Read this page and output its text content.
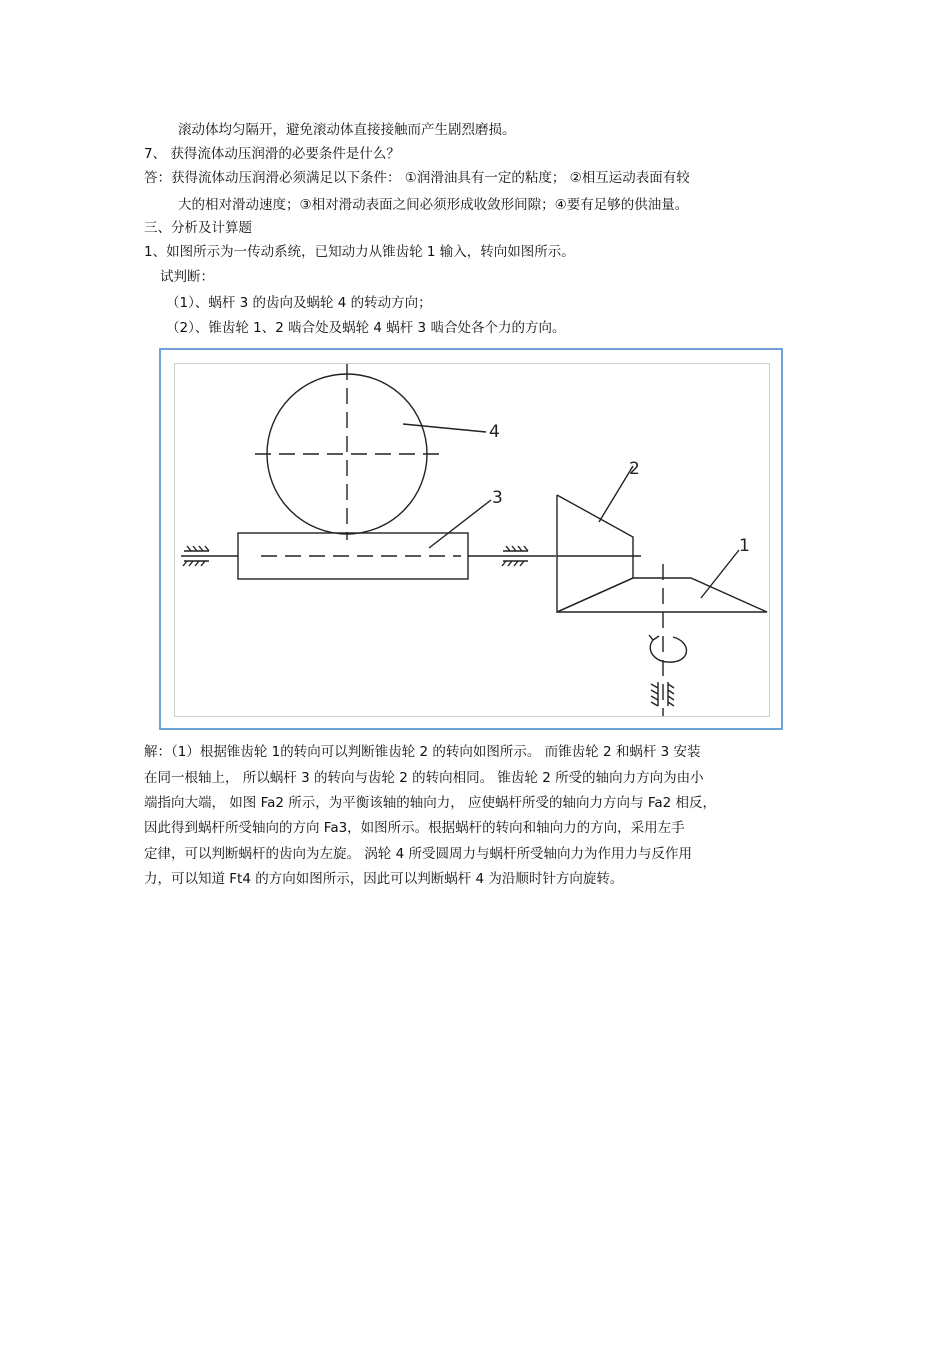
滚动体均匀隔开，避免滚动体直接接触而产生剧烈磨损。
7、 获得流体动压润滑的必要条件是什么？
答：获得流体动压润滑必须满足以下条件： ①润滑油具有一定的粘度； ②相互运动表面有较
大的相对滑动速度；③相对滑动表面之间必须形成收敛形间隙；④要有足够的供油量。
三、分析及计算题
1、如图所示为一传动系统，已知动力从锥齿轮 1 输入，转向如图所示。
试判断：
（1）、蜗杆 3 的齿向及蜗轮 4 的转动方向；
（2）、锥齿轮 1、2 啮合处及蜗轮 4 蜗杆 3 啮合处各个力的方向。
4
3
2
1
解：（1）根据锥齿轮 1的转向可以判断锥齿轮 2 的转向如图所示。 而锥齿轮 2 和蜗杆 3 安装
在同一根轴上， 所以蜗杆 3 的转向与齿轮 2 的转向相同。 锥齿轮 2 所受的轴向力方向为由小
端指向大端， 如图 Fa2 所示，为平衡该轴的轴向力， 应使蜗杆所受的轴向力方向与 Fa2 相反，
因此得到蜗杆所受轴向的方向 Fa3，如图所示。根据蜗杆的转向和轴向力的方向，采用左手
定律，可以判断蜗杆的齿向为左旋。 涡轮 4 所受圆周力与蜗杆所受轴向力为作用力与反作用
力，可以知道 Ft4 的方向如图所示，因此可以判断蜗杆 4 为沿顺时针方向旋转。
